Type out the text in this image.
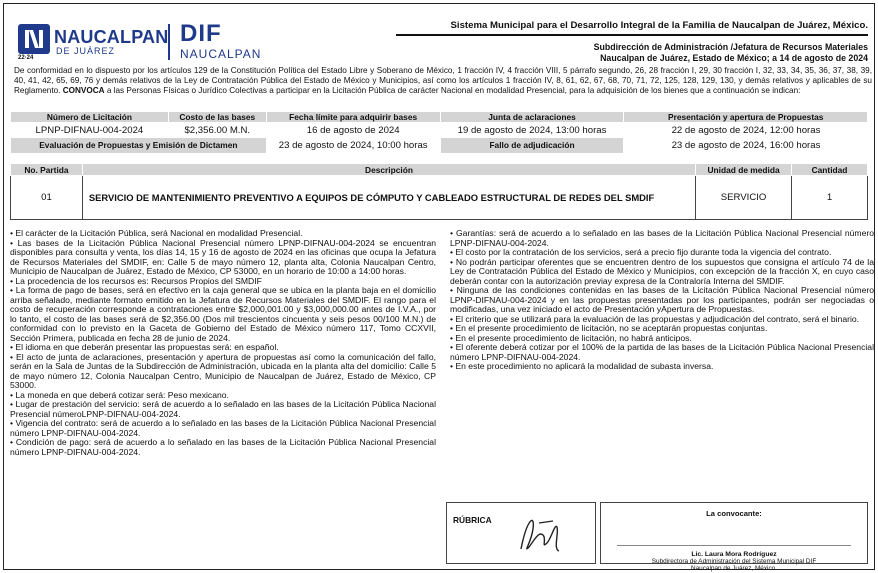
22·24
NAUCALPAN
DE JUÁREZ
DIF
NAUCALPAN
Sistema Municipal para el Desarrollo Integral de la Familia de Naucalpan de Juárez, México.
Subdirección de Administración /Jefatura de Recursos Materiales
Naucalpan de Juárez, Estado de México; a 14 de agosto de 2024
De conformidad en lo dispuesto por los artículos 129 de la Constitución Política del Estado Libre y Soberano de México, 1 fracción IV, 4 fracción VIII, 5 párrafo segundo, 26, 28 fracción I, 29, 30 fracción I, 32, 33, 34, 35, 36, 37, 38, 39, 40, 41, 42, 65, 69, 76 y demás relativos de la Ley de Contratación Pública del Estado de México y Municipios, así como los artículos 1 fracción IV, 8, 61, 62, 67, 68, 70, 71, 72, 125, 128, 129, 130, y demás relativos y aplicables de su Reglamento. CONVOCA a las Personas Físicas o Jurídico Colectivas a participar en la Licitación Pública de carácter Nacional en modalidad Presencial, para la adquisición de los bienes que a continuación se indican:
Número de Licitación	Costo de las bases	Fecha límite para adquirir bases	Junta de aclaraciones	Presentación y apertura de Propuestas
LPNP-DIFNAU-004-2024	$2,356.00 M.N.	16 de agosto de 2024	19 de agosto de 2024, 13:00 horas	22 de agosto de 2024, 12:00 horas
Evaluación de Propuestas y Emisión de Dictamen		23 de agosto de 2024, 10:00 horas	Fallo de adjudicación	23 de agosto de 2024, 16:00 horas
No. Partida	Descripción	Unidad de medida	Cantidad
01	SERVICIO DE MANTENIMIENTO PREVENTIVO A EQUIPOS DE CÓMPUTO Y CABLEADO ESTRUCTURAL DE REDES DEL SMDIF	SERVICIO	1

• El carácter de la Licitación Pública, será Nacional en modalidad Presencial.

• Las bases de la Licitación Pública Nacional Presencial número LPNP-DIFNAU-004-2024 se encuentran disponibles para consulta y venta, los días 14, 15 y 16 de agosto de 2024 en las oficinas que ocupa la Jefatura de Recursos Materiales del SMDIF, en: Calle 5 de mayo número 12, planta alta, Colonia Naucalpan Centro, Municipio de Naucalpan de Juárez, Estado de México, CP 53000, en un horario de 10:00 a 14:00 horas.

• La procedencia de los recursos es: Recursos Propios del SMDIF

• La forma de pago de bases, será en efectivo en la caja general que se ubica en la planta baja en el domicilio arriba señalado, mediante formato emitido en la Jefatura de Recursos Materiales del SMDIF. El rango para el costo de recuperación corresponde a contrataciones entre $2,000,001.00 y $3,000,000.00 antes de I.V.A., por lo tanto, el costo de las bases será de $2,356.00 (Dos mil trescientos cincuenta y seis pesos 00/100 M.N.) de conformidad con lo previsto en la Gaceta de Gobierno del Estado de México número 117, Tomo CCXVII, Sección Primera, publicada en fecha 28 de junio de 2024.

• El idioma en que deberán presentar las propuestas será: en español.

• El acto de junta de aclaraciones, presentación y apertura de propuestas así como la comunicación del fallo, serán en la Sala de Juntas de la Subdirección de Administración, ubicada en la planta alta del domicilio: Calle 5 de mayo número 12, Colonia Naucalpan Centro, Municipio de Naucalpan de Juárez, Estado de México, CP 53000.

• La moneda en que deberá cotizar será: Peso mexicano.

• Lugar de prestación del servicio: será de acuerdo a lo señalado en las bases de la Licitación Pública Nacional Presencial númeroLPNP-DIFNAU-004-2024.

• Vigencia del contrato: será de acuerdo a lo señalado en las bases de la Licitación Pública Nacional Presencial número LPNP-DIFNAU-004-2024.

• Condición de pago: será de acuerdo a lo señalado en las bases de la Licitación Pública Nacional Presencial número LPNP-DIFNAU-004-2024.

• Garantías: será de acuerdo a lo señalado en las bases de la Licitación Pública Nacional Presencial número LPNP-DIFNAU-004-2024.

• El costo por la contratación de los servicios, será a precio fijo durante toda la vigencia del contrato.

• No podrán participar oferentes que se encuentren dentro de los supuestos que consigna el artículo 74 de la Ley de Contratación Pública del Estado de México y Municipios, con excepción de la fracción X, en cuyo caso deberán contar con la autorización previay expresa de la Contraloría Interna del SMDIF.

• Ninguna de las condiciones contenidas en las bases de la Licitación Pública Nacional Presencial número LPNP-DIFNAU-004-2024 y en las propuestas presentadas por los participantes, podrán ser negociadas o modificadas, una vez iniciado el acto de Presentación yApertura de Propuestas.

• El criterio que se utilizará para la evaluación de las propuestas y adjudicación del contrato, será el binario.

• En el presente procedimiento de licitación, no se aceptarán propuestas conjuntas.

• En el presente procedimiento de licitación, no habrá anticipos.

• El oferente deberá cotizar por el 100% de la partida de las bases de la Licitación Pública Nacional Presencial número LPNP-DIFNAU-004-2024.

• En este procedimiento no aplicará la modalidad de subasta inversa.

RÚBRICA
La convocante:
Lic. Laura Mora Rodríguez
Subdirectora de Administración del Sistema Municipal DIF
Naucalpan de Juárez, México.
